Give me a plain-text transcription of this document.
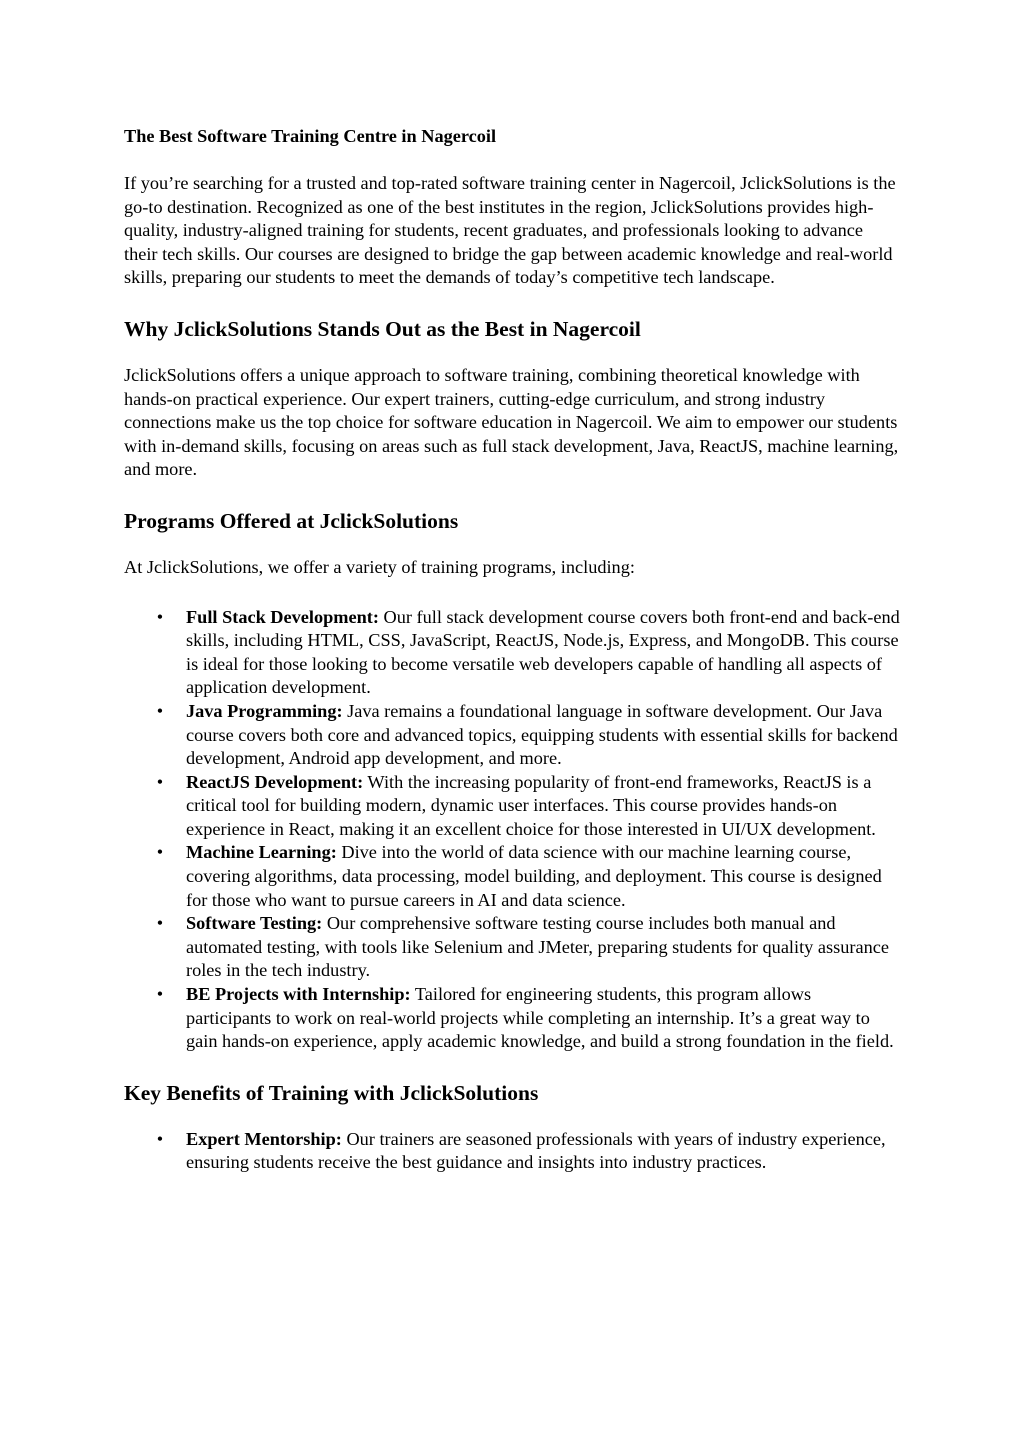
The Best Software Training Centre in Nagercoil

If you’re searching for a trusted and top-rated software training center in Nagercoil, JclickSolutions is the go-to destination. Recognized as one of the best institutes in the region, JclickSolutions provides high-quality, industry-aligned training for students, recent graduates, and professionals looking to advance their tech skills. Our courses are designed to bridge the gap between academic knowledge and real-world skills, preparing our students to meet the demands of today’s competitive tech landscape.

Why JclickSolutions Stands Out as the Best in Nagercoil

JclickSolutions offers a unique approach to software training, combining theoretical knowledge with hands-on practical experience. Our expert trainers, cutting-edge curriculum, and strong industry connections make us the top choice for software education in Nagercoil. We aim to empower our students with in-demand skills, focusing on areas such as full stack development, Java, ReactJS, machine learning, and more.

Programs Offered at JclickSolutions

At JclickSolutions, we offer a variety of training programs, including:

•	Full Stack Development: Our full stack development course covers both front-end and back-end skills, including HTML, CSS, JavaScript, ReactJS, Node.js, Express, and MongoDB. This course is ideal for those looking to become versatile web developers capable of handling all aspects of application development.
•	Java Programming: Java remains a foundational language in software development. Our Java course covers both core and advanced topics, equipping students with essential skills for backend development, Android app development, and more.
•	ReactJS Development: With the increasing popularity of front-end frameworks, ReactJS is a critical tool for building modern, dynamic user interfaces. This course provides hands-on experience in React, making it an excellent choice for those interested in UI/UX development.
•	Machine Learning: Dive into the world of data science with our machine learning course, covering algorithms, data processing, model building, and deployment. This course is designed for those who want to pursue careers in AI and data science.
•	Software Testing: Our comprehensive software testing course includes both manual and automated testing, with tools like Selenium and JMeter, preparing students for quality assurance roles in the tech industry.
•	BE Projects with Internship: Tailored for engineering students, this program allows participants to work on real-world projects while completing an internship. It’s a great way to gain hands-on experience, apply academic knowledge, and build a strong foundation in the field.
Key Benefits of Training with JclickSolutions
•	Expert Mentorship: Our trainers are seasoned professionals with years of industry experience, ensuring students receive the best guidance and insights into industry practices.
